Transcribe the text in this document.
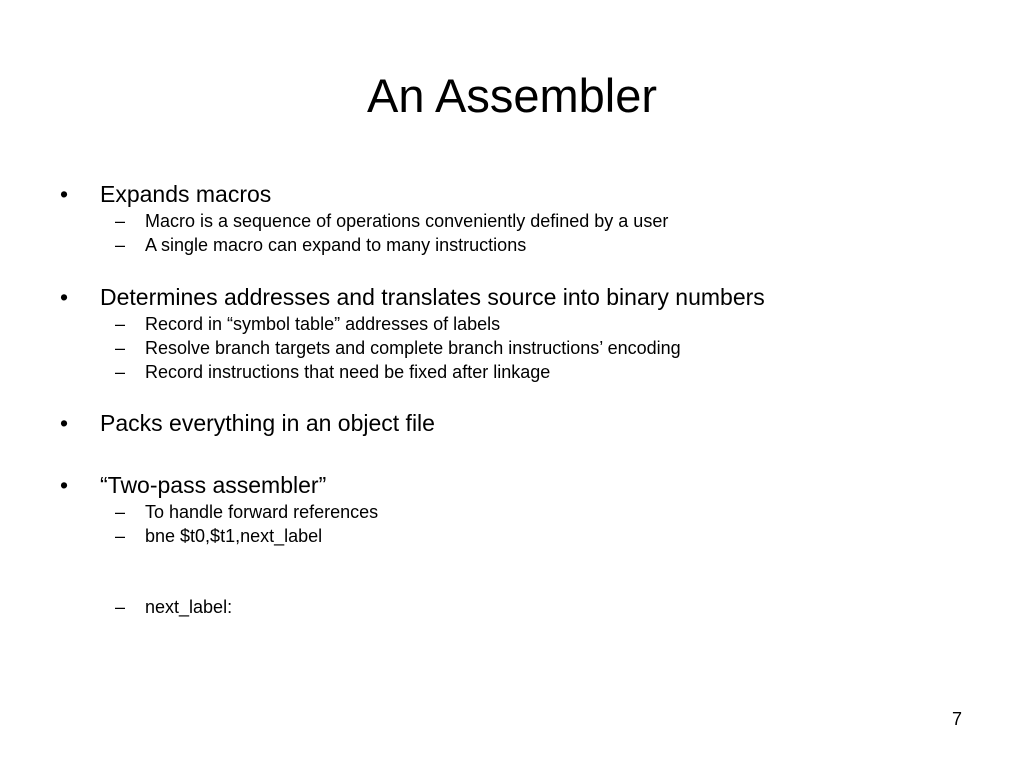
An Assembler
• Expands macros
– Macro is a sequence of operations conveniently defined by a user
– A single macro can expand to many instructions
• Determines addresses and translates source into binary numbers
– Record in “symbol table” addresses of labels
– Resolve branch targets and complete branch instructions’ encoding
– Record instructions that need be fixed after linkage
• Packs everything in an object file
• “Two-pass assembler”
– To handle forward references
– bne $t0,$t1,next_label
– next_label:
7
